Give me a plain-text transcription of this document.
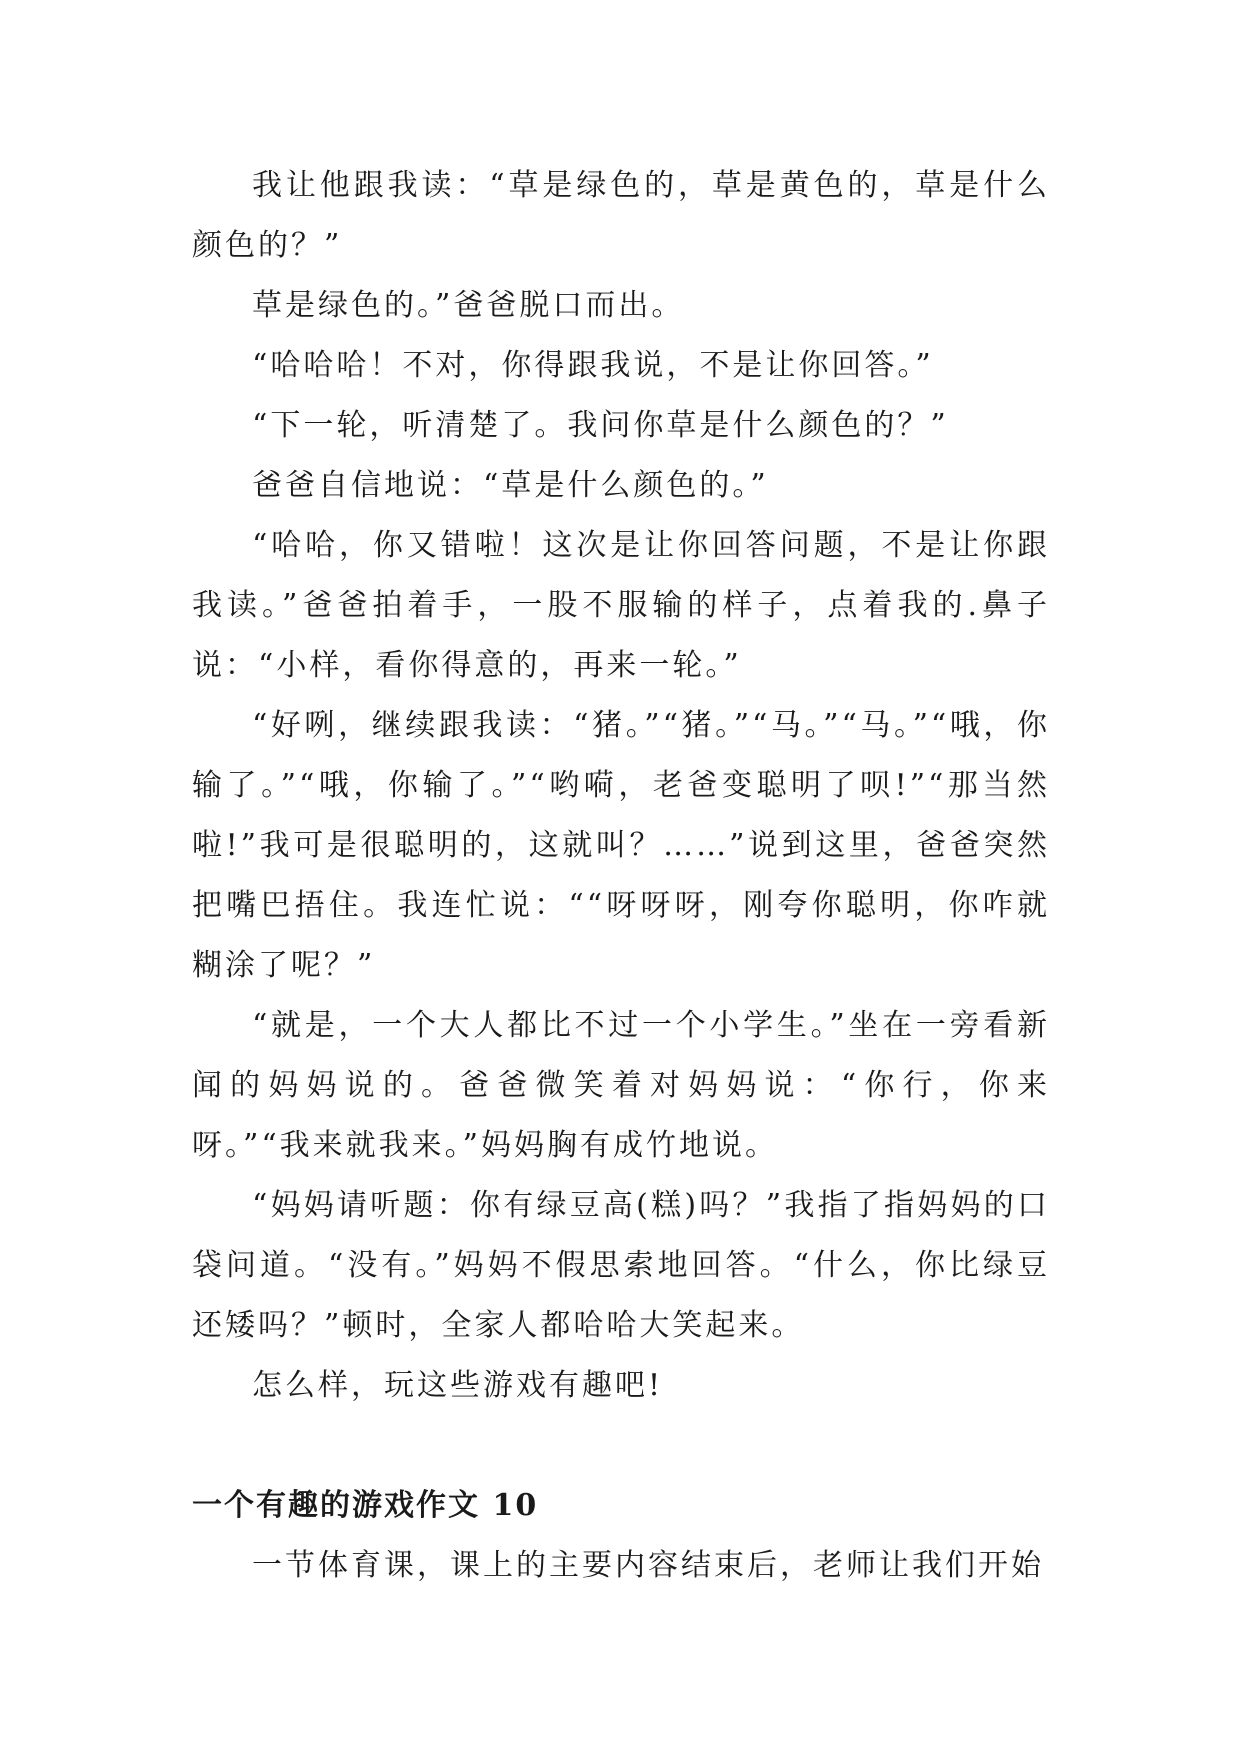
我让他跟我读：“草是绿色的，草是黄色的，草是什么颜色的？”

草是绿色的。”爸爸脱口而出。

“哈哈哈！不对，你得跟我说，不是让你回答。”

“下一轮，听清楚了。我问你草是什么颜色的？”

爸爸自信地说：“草是什么颜色的。”

“哈哈，你又错啦！这次是让你回答问题，不是让你跟我读。”爸爸拍着手，一股不服输的样子，点着我的.鼻子说：“小样，看你得意的，再来一轮。”

“好咧，继续跟我读：“猪。”“猪。”“马。”“马。”“哦，你输了。”“哦，你输了。”“哟嗬，老爸变聪明了呗!”“那当然啦!”我可是很聪明的，这就叫？……”说到这里，爸爸突然把嘴巴捂住。我连忙说：““呀呀呀，刚夸你聪明，你咋就糊涂了呢？”

“就是，一个大人都比不过一个小学生。”坐在一旁看新闻的妈妈说的。爸爸微笑着对妈妈说：“你行，你来呀。”“我来就我来。”妈妈胸有成竹地说。

“妈妈请听题：你有绿豆高(糕)吗？”我指了指妈妈的口袋问道。“没有。”妈妈不假思索地回答。“什么，你比绿豆还矮吗？”顿时，全家人都哈哈大笑起来。

怎么样，玩这些游戏有趣吧!

一个有趣的游戏作文 10

一节体育课，课上的主要内容结束后，老师让我们开始
